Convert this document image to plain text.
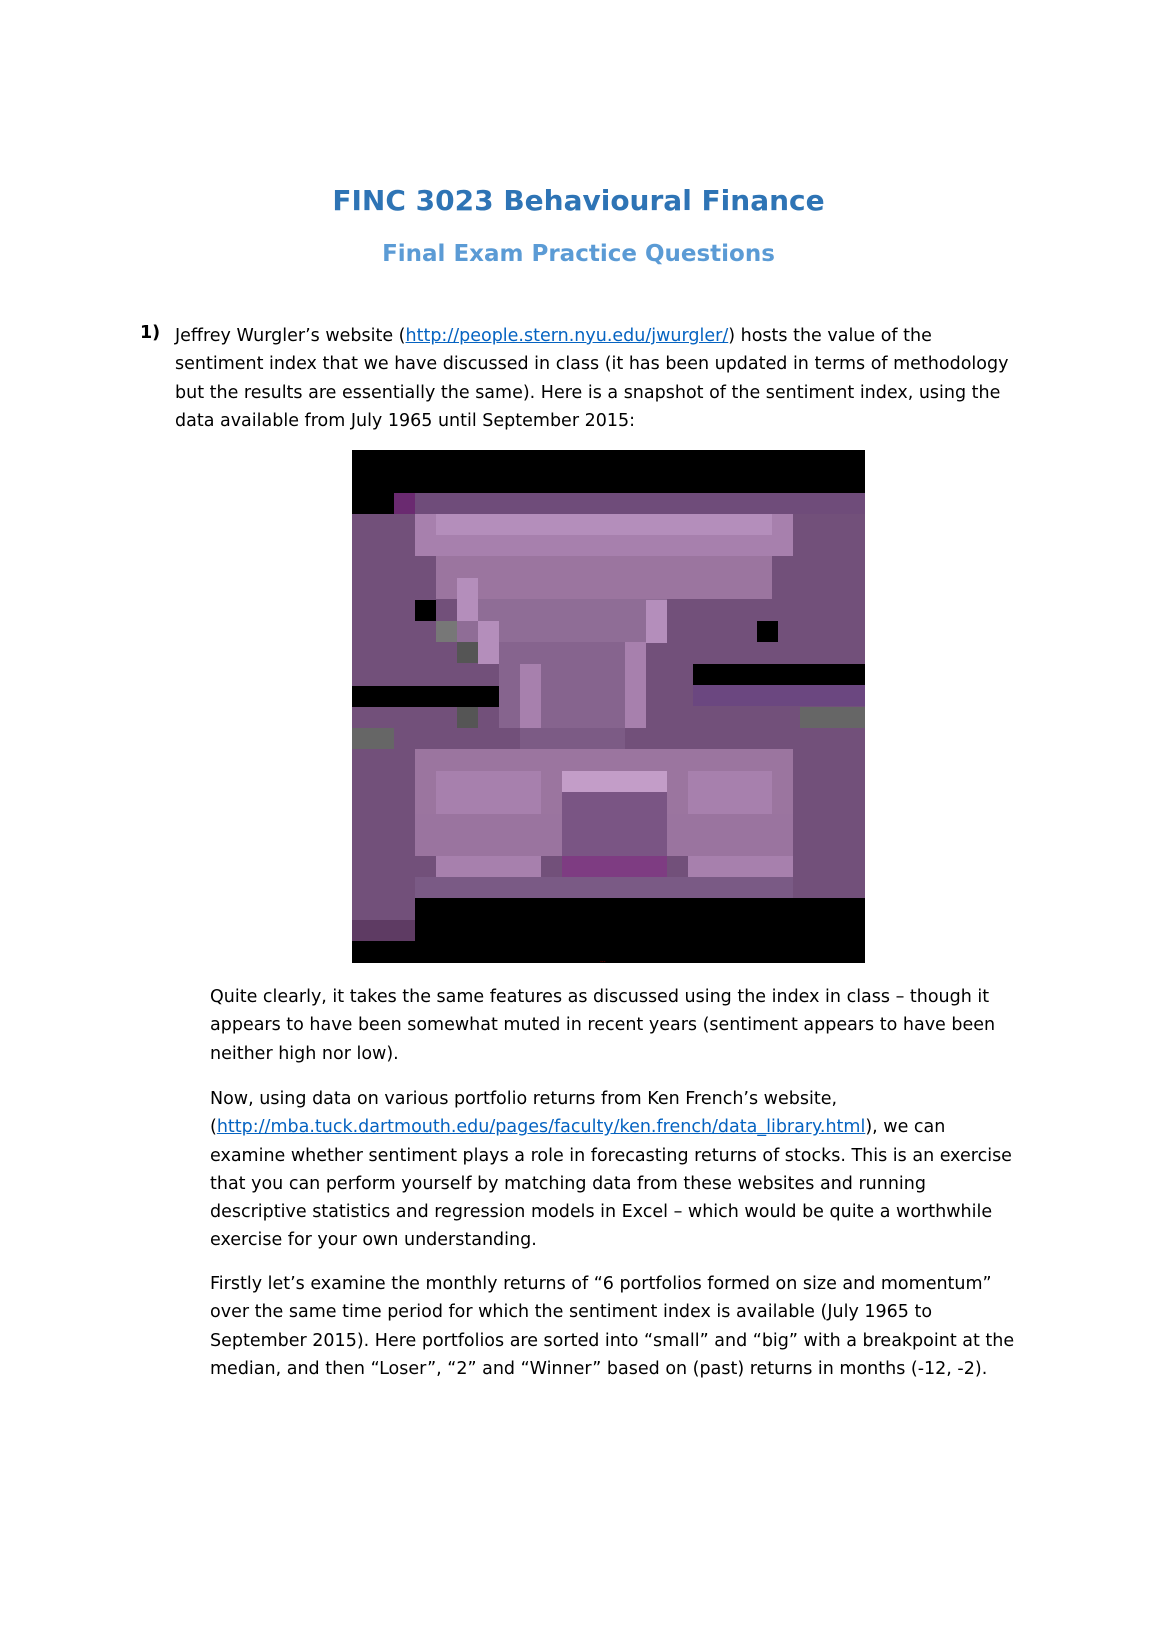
FINC 3023 Behavioural Finance
Final Exam Practice Questions
1) Jeffrey Wurgler’s website (http://people.stern.nyu.edu/jwurgler/) hosts the value of the sentiment index that we have discussed in class (it has been updated in terms of methodology but the results are essentially the same). Here is a snapshot of the sentiment index, using the data available from July 1965 until September 2015:

...

Quite clearly, it takes the same features as discussed using the index in class – though it appears to have been somewhat muted in recent years (sentiment appears to have been neither high nor low).

Now, using data on various portfolio returns from Ken French’s website, (http://mba.tuck.dartmouth.edu/pages/faculty/ken.french/data_library.html), we can examine whether sentiment plays a role in forecasting returns of stocks. This is an exercise that you can perform yourself by matching data from these websites and running descriptive statistics and regression models in Excel – which would be quite a worthwhile exercise for your own understanding.

Firstly let’s examine the monthly returns of “6 portfolios formed on size and momentum” over the same time period for which the sentiment index is available (July 1965 to September 2015). Here portfolios are sorted into “small” and “big” with a breakpoint at the median, and then “Loser”, “2” and “Winner” based on (past) returns in months (-12, -2).
